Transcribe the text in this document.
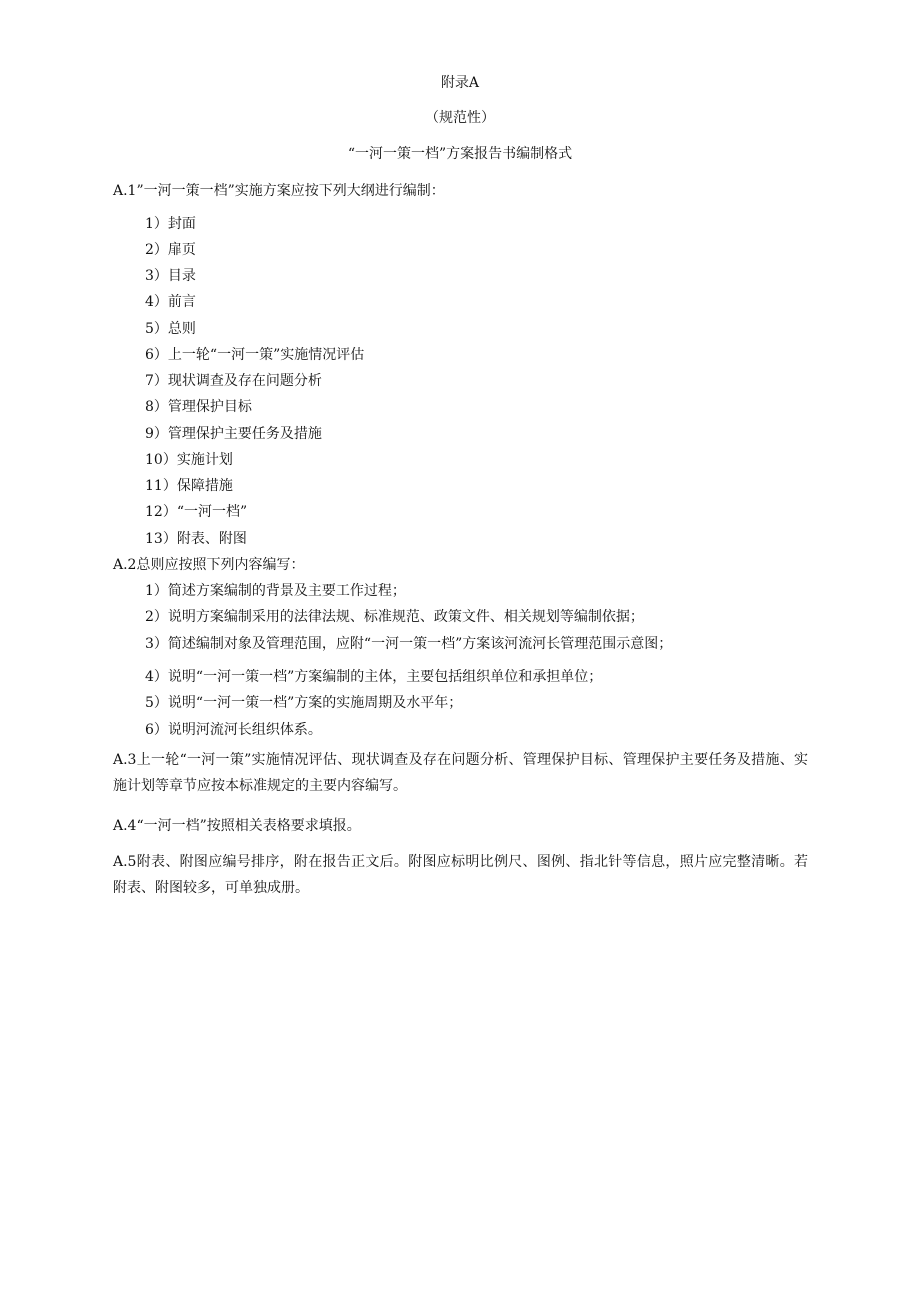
附录A
（规范性）
“一河一策一档”方案报告书编制格式
A.1”一河一策一档”实施方案应按下列大纲进行编制：
1）封面
2）扉页
3）目录
4）前言
5）总则
6）上一轮“一河一策”实施情况评估
7）现状调查及存在问题分析
8）管理保护目标
9）管理保护主要任务及措施
10）实施计划
11）保障措施
12）“一河一档”
13）附表、附图
A.2总则应按照下列内容编写：
1）简述方案编制的背景及主要工作过程；
2）说明方案编制采用的法律法规、标准规范、政策文件、相关规划等编制依据；
3）简述编制对象及管理范围，应附“一河一策一档”方案该河流河长管理范围示意图；
4）说明“一河一策一档”方案编制的主体，主要包括组织单位和承担单位；
5）说明“一河一策一档”方案的实施周期及水平年；
6）说明河流河长组织体系。
A.3上一轮“一河一策”实施情况评估、现状调查及存在问题分析、管理保护目标、管理保护主要任务及措施、实施计划等章节应按本标准规定的主要内容编写。
A.4“一河一档”按照相关表格要求填报。
A.5附表、附图应编号排序，附在报告正文后。附图应标明比例尺、图例、指北针等信息，照片应完整清晰。若附表、附图较多，可单独成册。
